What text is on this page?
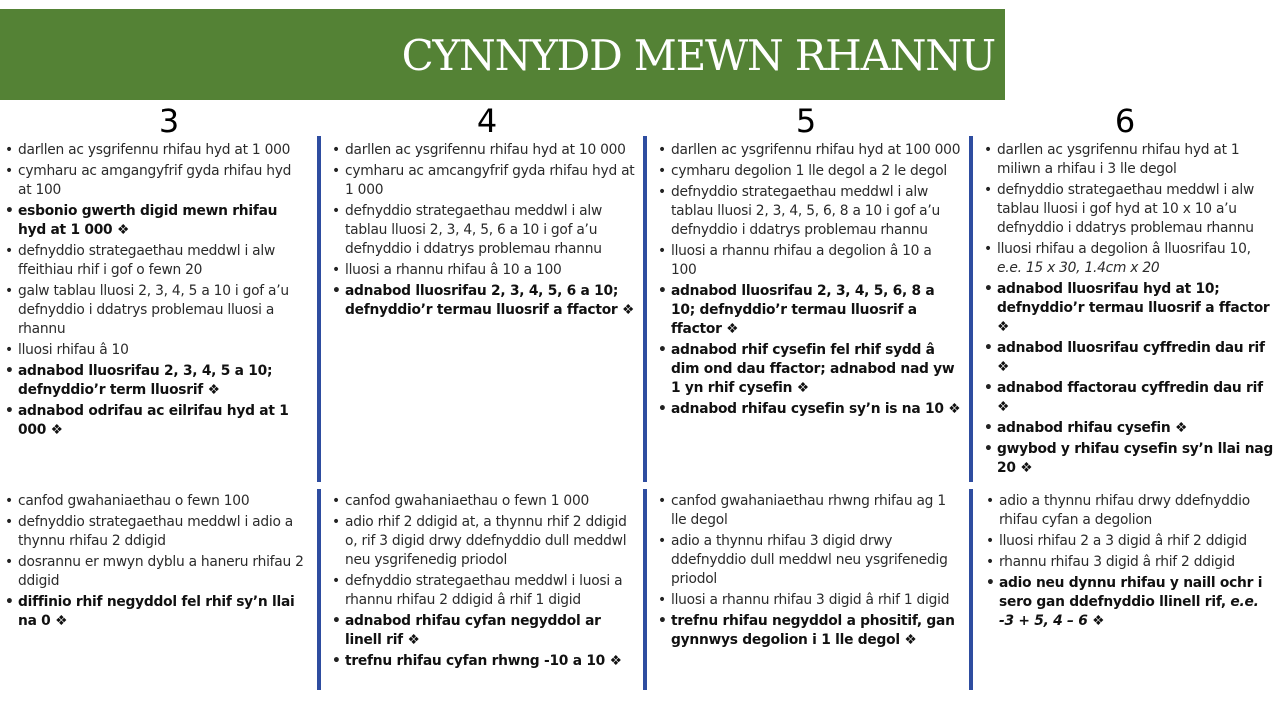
CYNNYDD MEWN RHANNU
3	4	5	6
• darllen ac ysgrifennu rhifau hyd at 1 000
• cymharu ac amgangyfrif gyda rhifau hyd at 100
• esbonio gwerth digid mewn rhifau hyd at 1 000 ❖
• defnyddio strategaethau meddwl i alw ffeithiau rhif i gof o fewn 20
• galw tablau lluosi 2, 3, 4, 5 a 10 i gof a’u defnyddio i ddatrys problemau lluosi a rhannu
• lluosi rhifau â 10
• adnabod lluosrifau 2, 3, 4, 5 a 10; defnyddio’r term lluosrif ❖
• adnabod odrifau ac eilrifau hyd at 1 000 ❖
• darllen ac ysgrifennu rhifau hyd at 10 000
• cymharu ac amcangyfrif gyda rhifau hyd at 1 000
• defnyddio strategaethau meddwl i alw tablau lluosi 2, 3, 4, 5, 6 a 10 i gof a’u defnyddio i ddatrys problemau rhannu
• lluosi a rhannu rhifau â 10 a 100
• adnabod lluosrifau 2, 3, 4, 5, 6 a 10; defnyddio’r termau lluosrif a ffactor ❖
• darllen ac ysgrifennu rhifau hyd at 100 000
• cymharu degolion 1 lle degol a 2 le degol
• defnyddio strategaethau meddwl i alw tablau lluosi 2, 3, 4, 5, 6, 8 a 10 i gof a’u defnyddio i ddatrys problemau rhannu
• lluosi a rhannu rhifau a degolion â 10 a 100
• adnabod lluosrifau 2, 3, 4, 5, 6, 8 a 10; defnyddio’r termau lluosrif a ffactor ❖
• adnabod rhif cysefin fel rhif sydd â dim ond dau ffactor; adnabod nad yw 1 yn rhif cysefin ❖
• adnabod rhifau cysefin sy’n is na 10 ❖
• darllen ac ysgrifennu rhifau hyd at 1 miliwn a rhifau i 3 lle degol
• defnyddio strategaethau meddwl i alw tablau lluosi i gof hyd at 10 x 10 a’u defnyddio i ddatrys problemau rhannu
• lluosi rhifau a degolion â lluosrifau 10, e.e. 15 x 30, 1.4cm x 20
• adnabod lluosrifau hyd at 10; defnyddio’r termau lluosrif a ffactor ❖
• adnabod lluosrifau cyffredin dau rif ❖
• adnabod ffactorau cyffredin dau rif ❖
• adnabod rhifau cysefin ❖
• gwybod y rhifau cysefin sy’n llai nag 20 ❖
• canfod gwahaniaethau o fewn 100
• defnyddio strategaethau meddwl i adio a thynnu rhifau 2 ddigid
• dosrannu er mwyn dyblu a haneru rhifau 2 ddigid
• diffinio rhif negyddol fel rhif sy’n llai na 0 ❖
• canfod gwahaniaethau o fewn 1 000
• adio rhif 2 ddigid at, a thynnu rhif 2 ddigid o, rif 3 digid drwy ddefnyddio dull meddwl neu ysgrifenedig priodol
• defnyddio strategaethau meddwl i luosi a rhannu rhifau 2 ddigid â rhif 1 digid
• adnabod rhifau cyfan negyddol ar linell rif ❖
• trefnu rhifau cyfan rhwng -10 a 10 ❖
• canfod gwahaniaethau rhwng rhifau ag 1 lle degol
• adio a thynnu rhifau 3 digid drwy ddefnyddio dull meddwl neu ysgrifenedig priodol
• lluosi a rhannu rhifau 3 digid â rhif 1 digid
• trefnu rhifau negyddol a phositif, gan gynnwys degolion i 1 lle degol ❖
• adio a thynnu rhifau drwy ddefnyddio rhifau cyfan a degolion
• lluosi rhifau 2 a 3 digid â rhif 2 ddigid
• rhannu rhifau 3 digid â rhif 2 ddigid
• adio neu dynnu rhifau y naill ochr i sero gan ddefnyddio llinell rif, e.e. -3 + 5, 4 – 6 ❖
